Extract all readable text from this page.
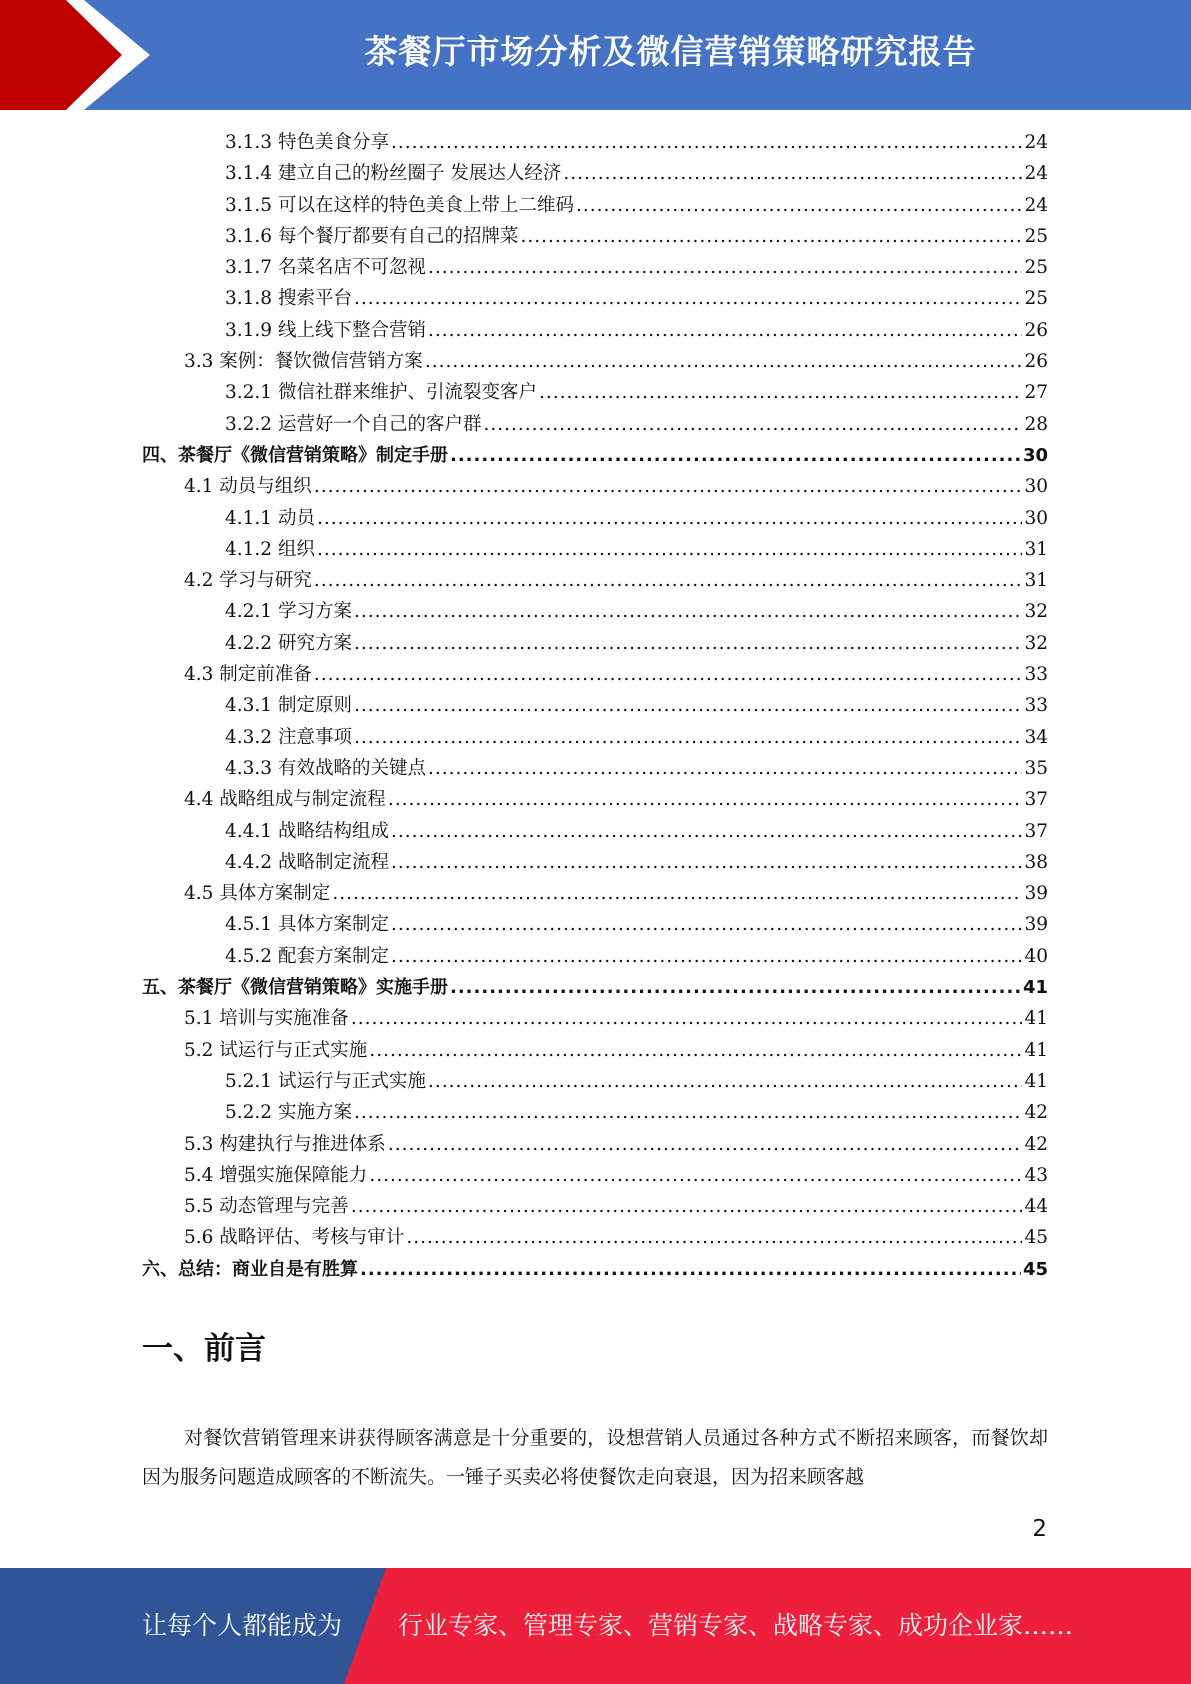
茶餐厅市场分析及微信营销策略研究报告
3.1.3 特色美食分享 .....	24
3.1.4 建立自己的粉丝圈子 发展达人经济 .....	24
3.1.5 可以在这样的特色美食上带上二维码 .....	24
3.1.6 每个餐厅都要有自己的招牌菜 .....	25
3.1.7 名菜名店不可忽视 .....	25
3.1.8 搜索平台 .....	25
3.1.9 线上线下整合营销 .....	26
3.3 案例：餐饮微信营销方案 .....	26
3.2.1 微信社群来维护、引流裂变客户 .....	27
3.2.2 运营好一个自己的客户群 .....	28
四、茶餐厅《微信营销策略》制定手册 .....	30
4.1 动员与组织 .....	30
4.1.1 动员 .....	30
4.1.2 组织 .....	31
4.2 学习与研究 .....	31
4.2.1 学习方案 .....	32
4.2.2 研究方案 .....	32
4.3 制定前准备 .....	33
4.3.1 制定原则 .....	33
4.3.2 注意事项 .....	34
4.3.3 有效战略的关键点 .....	35
4.4 战略组成与制定流程 .....	37
4.4.1 战略结构组成 .....	37
4.4.2 战略制定流程 .....	38
4.5 具体方案制定 .....	39
4.5.1 具体方案制定 .....	39
4.5.2 配套方案制定 .....	40
五、茶餐厅《微信营销策略》实施手册 .....	41
5.1 培训与实施准备 .....	41
5.2 试运行与正式实施 .....	41
5.2.1 试运行与正式实施 .....	41
5.2.2 实施方案 .....	42
5.3 构建执行与推进体系 .....	42
5.4 增强实施保障能力 .....	43
5.5 动态管理与完善 .....	44
5.6 战略评估、考核与审计 .....	45
六、总结：商业自是有胜算 .....	45
一、前言
对餐饮营销管理来讲获得顾客满意是十分重要的，设想营销人员通过各种方式不断招来顾客，而餐饮却因为服务问题造成顾客的不断流失。一锤子买卖必将使餐饮走向衰退，因为招来顾客越
2
让每个人都能成为 行业专家、管理专家、营销专家、战略专家、成功企业家……
